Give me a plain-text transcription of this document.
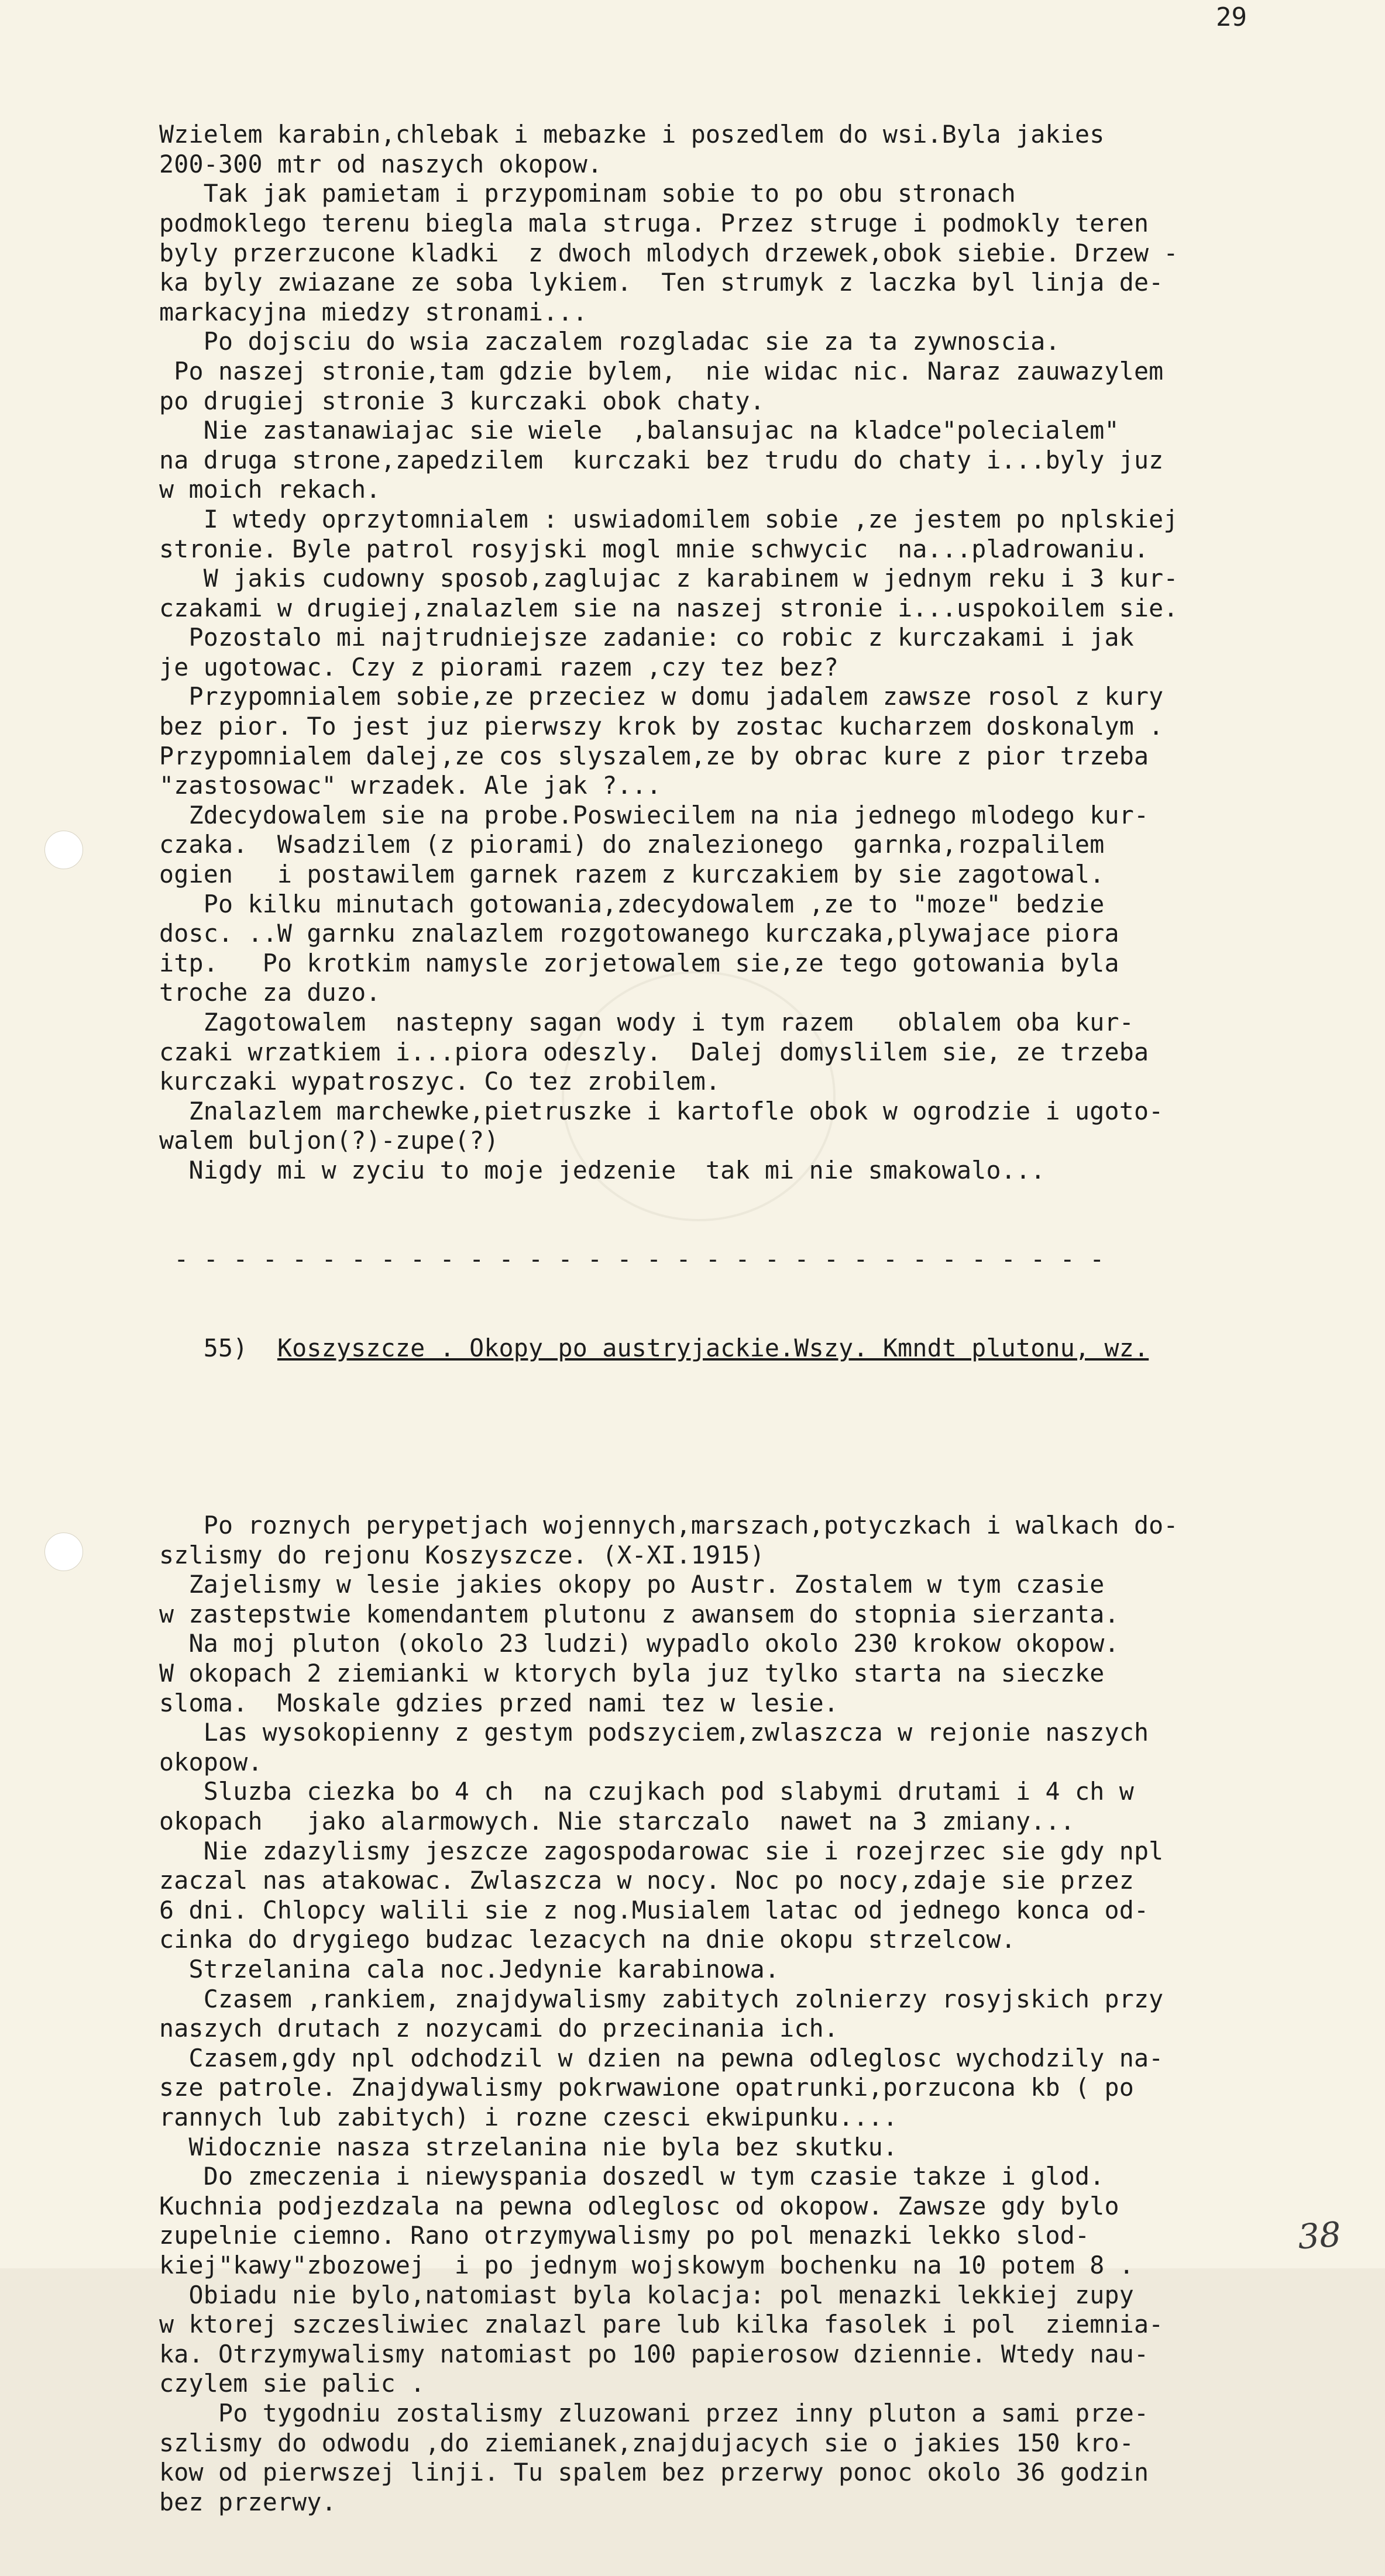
29

Wzielem karabin,chlebak i mebazke i poszedlem do wsi.Byla jakies
200-300 mtr od naszych okopow.
Tak jak pamietam i przypominam sobie to po obu stronach
podmoklego terenu biegla mala struga. Przez struge i podmokly teren
byly przerzucone kladki  z dwoch mlodych drzewek,obok siebie. Drzew -
ka byly zwiazane ze soba lykiem.  Ten strumyk z laczka byl linja de-
markacyjna miedzy stronami...
Po dojsciu do wsia zaczalem rozgladac sie za ta zywnoscia.
Po naszej stronie,tam gdzie bylem,  nie widac nic. Naraz zauwazylem
po drugiej stronie 3 kurczaki obok chaty.
Nie zastanawiajac sie wiele  ,balansujac na kladce"polecialem"
na druga strone,zapedzilem  kurczaki bez trudu do chaty i...byly juz
w moich rekach.
I wtedy oprzytomnialem : uswiadomilem sobie ,ze jestem po nplskiej
stronie. Byle patrol rosyjski mogl mnie schwycic  na...pladrowaniu.
W jakis cudowny sposob,zaglujac z karabinem w jednym reku i 3 kur-
czakami w drugiej,znalazlem sie na naszej stronie i...uspokoilem sie.
Pozostalo mi najtrudniejsze zadanie: co robic z kurczakami i jak
je ugotowac. Czy z piorami razem ,czy tez bez?
Przypomnialem sobie,ze przeciez w domu jadalem zawsze rosol z kury
bez pior. To jest juz pierwszy krok by zostac kucharzem doskonalym .
Przypomnialem dalej,ze cos slyszalem,ze by obrac kure z pior trzeba
"zastosowac" wrzadek. Ale jak ?...
Zdecydowalem sie na probe.Poswiecilem na nia jednego mlodego kur-
czaka.  Wsadzilem (z piorami) do znalezionego  garnka,rozpalilem
ogien   i postawilem garnek razem z kurczakiem by sie zagotowal.
Po kilku minutach gotowania,zdecydowalem ,ze to "moze" bedzie
dosc. ..W garnku znalazlem rozgotowanego kurczaka,plywajace piora
itp.   Po krotkim namysle zorjetowalem sie,ze tego gotowania byla
troche za duzo.
Zagotowalem  nastepny sagan wody i tym razem   oblalem oba kur-
czaki wrzatkiem i...piora odeszly.  Dalej domyslilem sie, ze trzeba
kurczaki wypatroszyc. Co tez zrobilem.
Znalazlem marchewke,pietruszke i kartofle obok w ogrodzie i ugoto-
walem buljon(?)-zupe(?)
Nigdy mi w zyciu to moje jedzenie  tak mi nie smakowalo...

- - - - - - - - - - - - - - - - - - - - - - - - - - - - - - - -

55) Koszyszcze . Okopy po austryjackie.Wszy. Kmndt plutonu, wz.

Po roznych perypetjach wojennych,marszach,potyczkach i walkach do-
szlismy do rejonu Koszyszcze. (X-XI.1915)
Zajelismy w lesie jakies okopy po Austr. Zostalem w tym czasie
w zastepstwie komendantem plutonu z awansem do stopnia sierzanta.
Na moj pluton (okolo 23 ludzi) wypadlo okolo 230 krokow okopow.
W okopach 2 ziemianki w ktorych byla juz tylko starta na sieczke
sloma.  Moskale gdzies przed nami tez w lesie.
Las wysokopienny z gestym podszyciem,zwlaszcza w rejonie naszych
okopow.
Sluzba ciezka bo 4 ch  na czujkach pod slabymi drutami i 4 ch w
okopach   jako alarmowych. Nie starczalo  nawet na 3 zmiany...
Nie zdazylismy jeszcze zagospodarowac sie i rozejrzec sie gdy npl
zaczal nas atakowac. Zwlaszcza w nocy. Noc po nocy,zdaje sie przez
6 dni. Chlopcy walili sie z nog.Musialem latac od jednego konca od-
cinka do drygiego budzac lezacych na dnie okopu strzelcow.
Strzelanina cala noc.Jedynie karabinowa.
Czasem ,rankiem, znajdywalismy zabitych zolnierzy rosyjskich przy
naszych drutach z nozycami do przecinania ich.
Czasem,gdy npl odchodzil w dzien na pewna odleglosc wychodzily na-
sze patrole. Znajdywalismy pokrwawione opatrunki,porzucona kb ( po
rannych lub zabitych) i rozne czesci ekwipunku....
Widocznie nasza strzelanina nie byla bez skutku.
Do zmeczenia i niewyspania doszedl w tym czasie takze i glod.
Kuchnia podjezdzala na pewna odleglosc od okopow. Zawsze gdy bylo
zupelnie ciemno. Rano otrzymywalismy po pol menazki lekko slod-
kiej"kawy"zbozowej  i po jednym wojskowym bochenku na 10 potem 8 .
Obiadu nie bylo,natomiast byla kolacja: pol menazki lekkiej zupy
w ktorej szczesliwiec znalazl pare lub kilka fasolek i pol  ziemnia-
ka. Otrzymywalismy natomiast po 100 papierosow dziennie. Wtedy nau-
czylem sie palic .
Po tygodniu zostalismy zluzowani przez inny pluton a sami prze-
szlismy do odwodu ,do ziemianek,znajdujacych sie o jakies 150 kro-
kow od pierwszej linji. Tu spalem bez przerwy ponoc okolo 36 godzin
bez przerwy.

38
